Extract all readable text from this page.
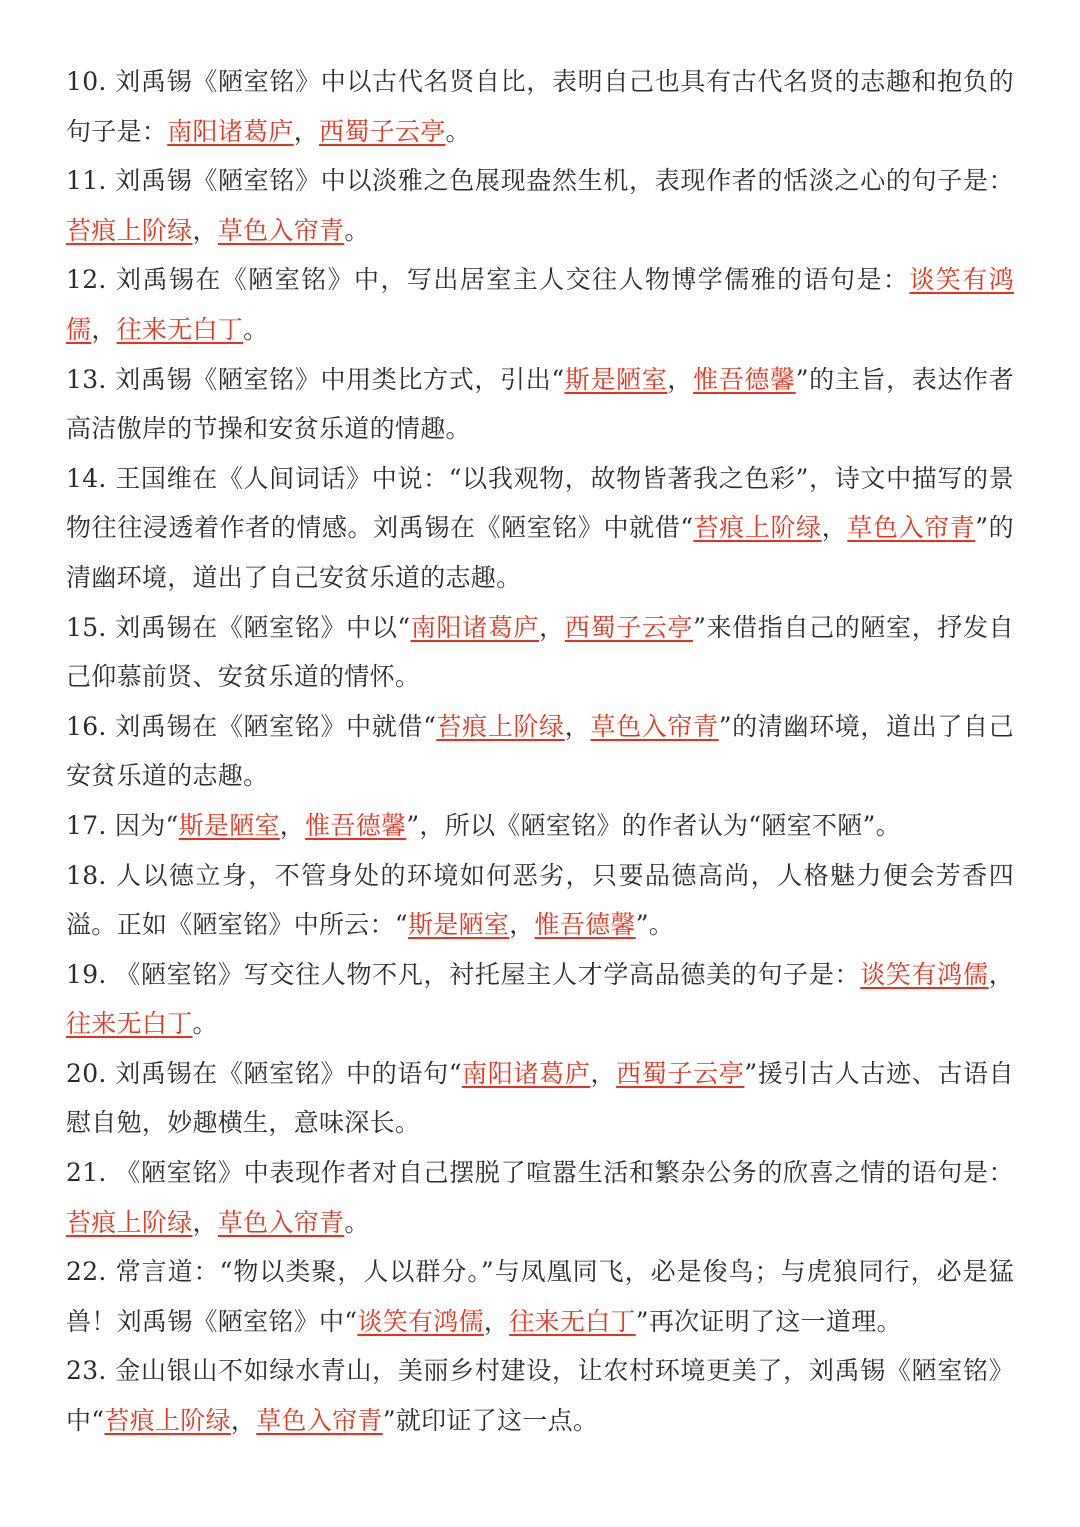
10. 刘禹锡《陋室铭》中以古代名贤自比，表明自己也具有古代名贤的志趣和抱负的句子是：南阳诸葛庐，西蜀子云亭。

11. 刘禹锡《陋室铭》中以淡雅之色展现盎然生机，表现作者的恬淡之心的句子是：苔痕上阶绿，草色入帘青。

12. 刘禹锡在《陋室铭》中，写出居室主人交往人物博学儒雅的语句是：谈笑有鸿儒，往来无白丁。

13. 刘禹锡《陋室铭》中用类比方式，引出“斯是陋室，惟吾德馨”的主旨，表达作者高洁傲岸的节操和安贫乐道的情趣。

14. 王国维在《人间词话》中说：“以我观物，故物皆著我之色彩”，诗文中描写的景物往往浸透着作者的情感。刘禹锡在《陋室铭》中就借“苔痕上阶绿，草色入帘青”的清幽环境，道出了自己安贫乐道的志趣。

15. 刘禹锡在《陋室铭》中以“南阳诸葛庐，西蜀子云亭”来借指自己的陋室，抒发自己仰慕前贤、安贫乐道的情怀。

16. 刘禹锡在《陋室铭》中就借“苔痕上阶绿，草色入帘青”的清幽环境，道出了自己安贫乐道的志趣。

17. 因为“斯是陋室，惟吾德馨”，所以《陋室铭》的作者认为“陋室不陋”。

18. 人以德立身，不管身处的环境如何恶劣，只要品德高尚，人格魅力便会芳香四溢。正如《陋室铭》中所云：“斯是陋室，惟吾德馨”。

19. 《陋室铭》写交往人物不凡，衬托屋主人才学高品德美的句子是：谈笑有鸿儒，往来无白丁。

20. 刘禹锡在《陋室铭》中的语句“南阳诸葛庐，西蜀子云亭”援引古人古迹、古语自慰自勉，妙趣横生，意味深长。

21. 《陋室铭》中表现作者对自己摆脱了喧嚣生活和繁杂公务的欣喜之情的语句是：苔痕上阶绿，草色入帘青。

22. 常言道：“物以类聚，人以群分。”与凤凰同飞，必是俊鸟；与虎狼同行，必是猛兽！刘禹锡《陋室铭》中“谈笑有鸿儒，往来无白丁”再次证明了这一道理。

23. 金山银山不如绿水青山，美丽乡村建设，让农村环境更美了，刘禹锡《陋室铭》中“苔痕上阶绿，草色入帘青”就印证了这一点。
